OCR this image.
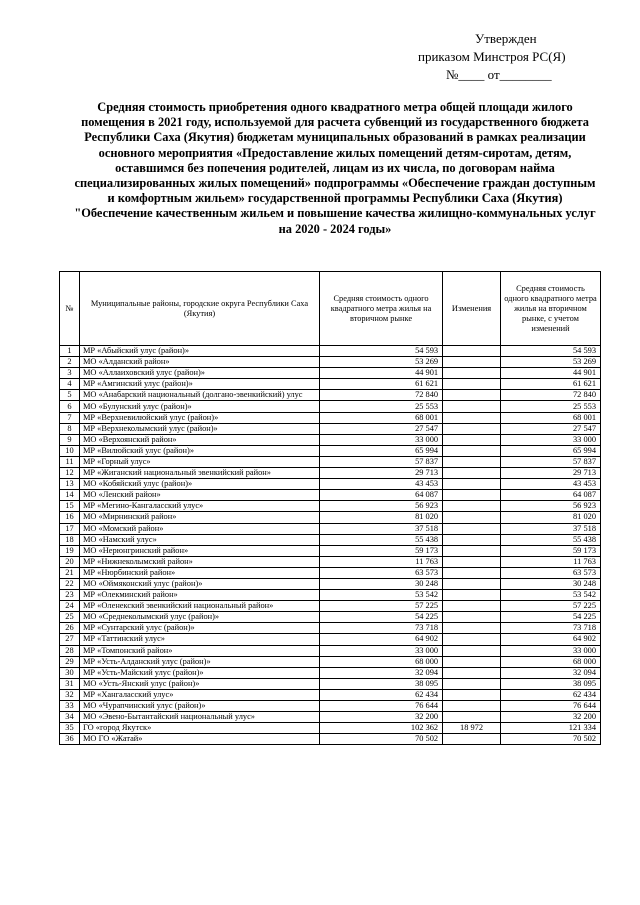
Утвержден
приказом Минстроя РС(Я)
№____ от________
Средняя стоимость приобретения одного квадратного метра общей площади жилого помещения в 2021 году, используемой для расчета субвенций из государственного бюджета Республики Саха (Якутия) бюджетам муниципальных образований в рамках реализации основного мероприятия «Предоставление жилых помещений детям-сиротам, детям, оставшимся без попечения родителей, лицам из их числа, по договорам найма специализированных жилых помещений» подпрограммы «Обеспечение граждан доступным и комфортным жильем» государственной программы Республики Саха (Якутия) "Обеспечение качественным жильем и повышение качества жилищно-коммунальных услуг на 2020 - 2024 годы»
№	Муниципальные районы, городские округа Республики Саха (Якутия)	Средняя стоимость одного квадратного метра жилья на вторичном рынке	Изменения	Средняя стоимость одного квадратного метра жилья на вторичном рынке, с учетом изменений
1	МР «Абыйский улус (район)»	54 593		54 593
2	МО «Алданский район»	53 269		53 269
3	МО «Аллаиховский улус (район)»	44 901		44 901
4	МР «Амгинский улус (район)»	61 621		61 621
5	МО «Анабарский национальный (долгано-эвенкийский) улус	72 840		72 840
6	МО «Булунский улус (район)»	25 553		25 553
7	МР «Верхневилюйский улус (район)»	68 001		68 001
8	МР «Верхнеколымский улус (район)»	27 547		27 547
9	МО «Верхоянский район»	33 000		33 000
10	МР «Вилюйский улус (район)»	65 994		65 994
11	МР «Горный улус»	57 837		57 837
12	МР «Жиганский национальный эвенкийский район»	29 713		29 713
13	МО «Кобяйский улус (район)»	43 453		43 453
14	МО «Ленский район»	64 087		64 087
15	МР «Мегино-Кангаласский улус»	56 923		56 923
16	МО «Мирнинский район»	81 020		81 020
17	МО «Момский район»	37 518		37 518
18	МО «Намский улус»	55 438		55 438
19	МО «Нерюнгринский район»	59 173		59 173
20	МР «Нижнеколымский район»	11 763		11 763
21	МР «Нюрбинский район»	63 573		63 573
22	МО «Оймяконский улус (район)»	30 248		30 248
23	МР «Олекминский район»	53 542		53 542
24	МР «Оленекский эвенкийский национальный район»	57 225		57 225
25	МО «Среднеколымский улус (район)»	54 225		54 225
26	МР «Сунтарский улус (район)»	73 718		73 718
27	МР «Таттинский улус»	64 902		64 902
28	МР «Томпонский район»	33 000		33 000
29	МР «Усть-Алданский улус (район)»	68 000		68 000
30	МР «Усть-Майский улус (район)»	32 094		32 094
31	МО «Усть-Янский улус (район)»	38 095		38 095
32	МР «Хангаласский улус»	62 434		62 434
33	МО «Чурапчинский улус (район)»	76 644		76 644
34	МО «Эвено-Бытантайский национальный улус»	32 200		32 200
35	ГО «город Якутск»	102 362	18 972	121 334
36	МО ГО «Жатай»	70 502		70 502
